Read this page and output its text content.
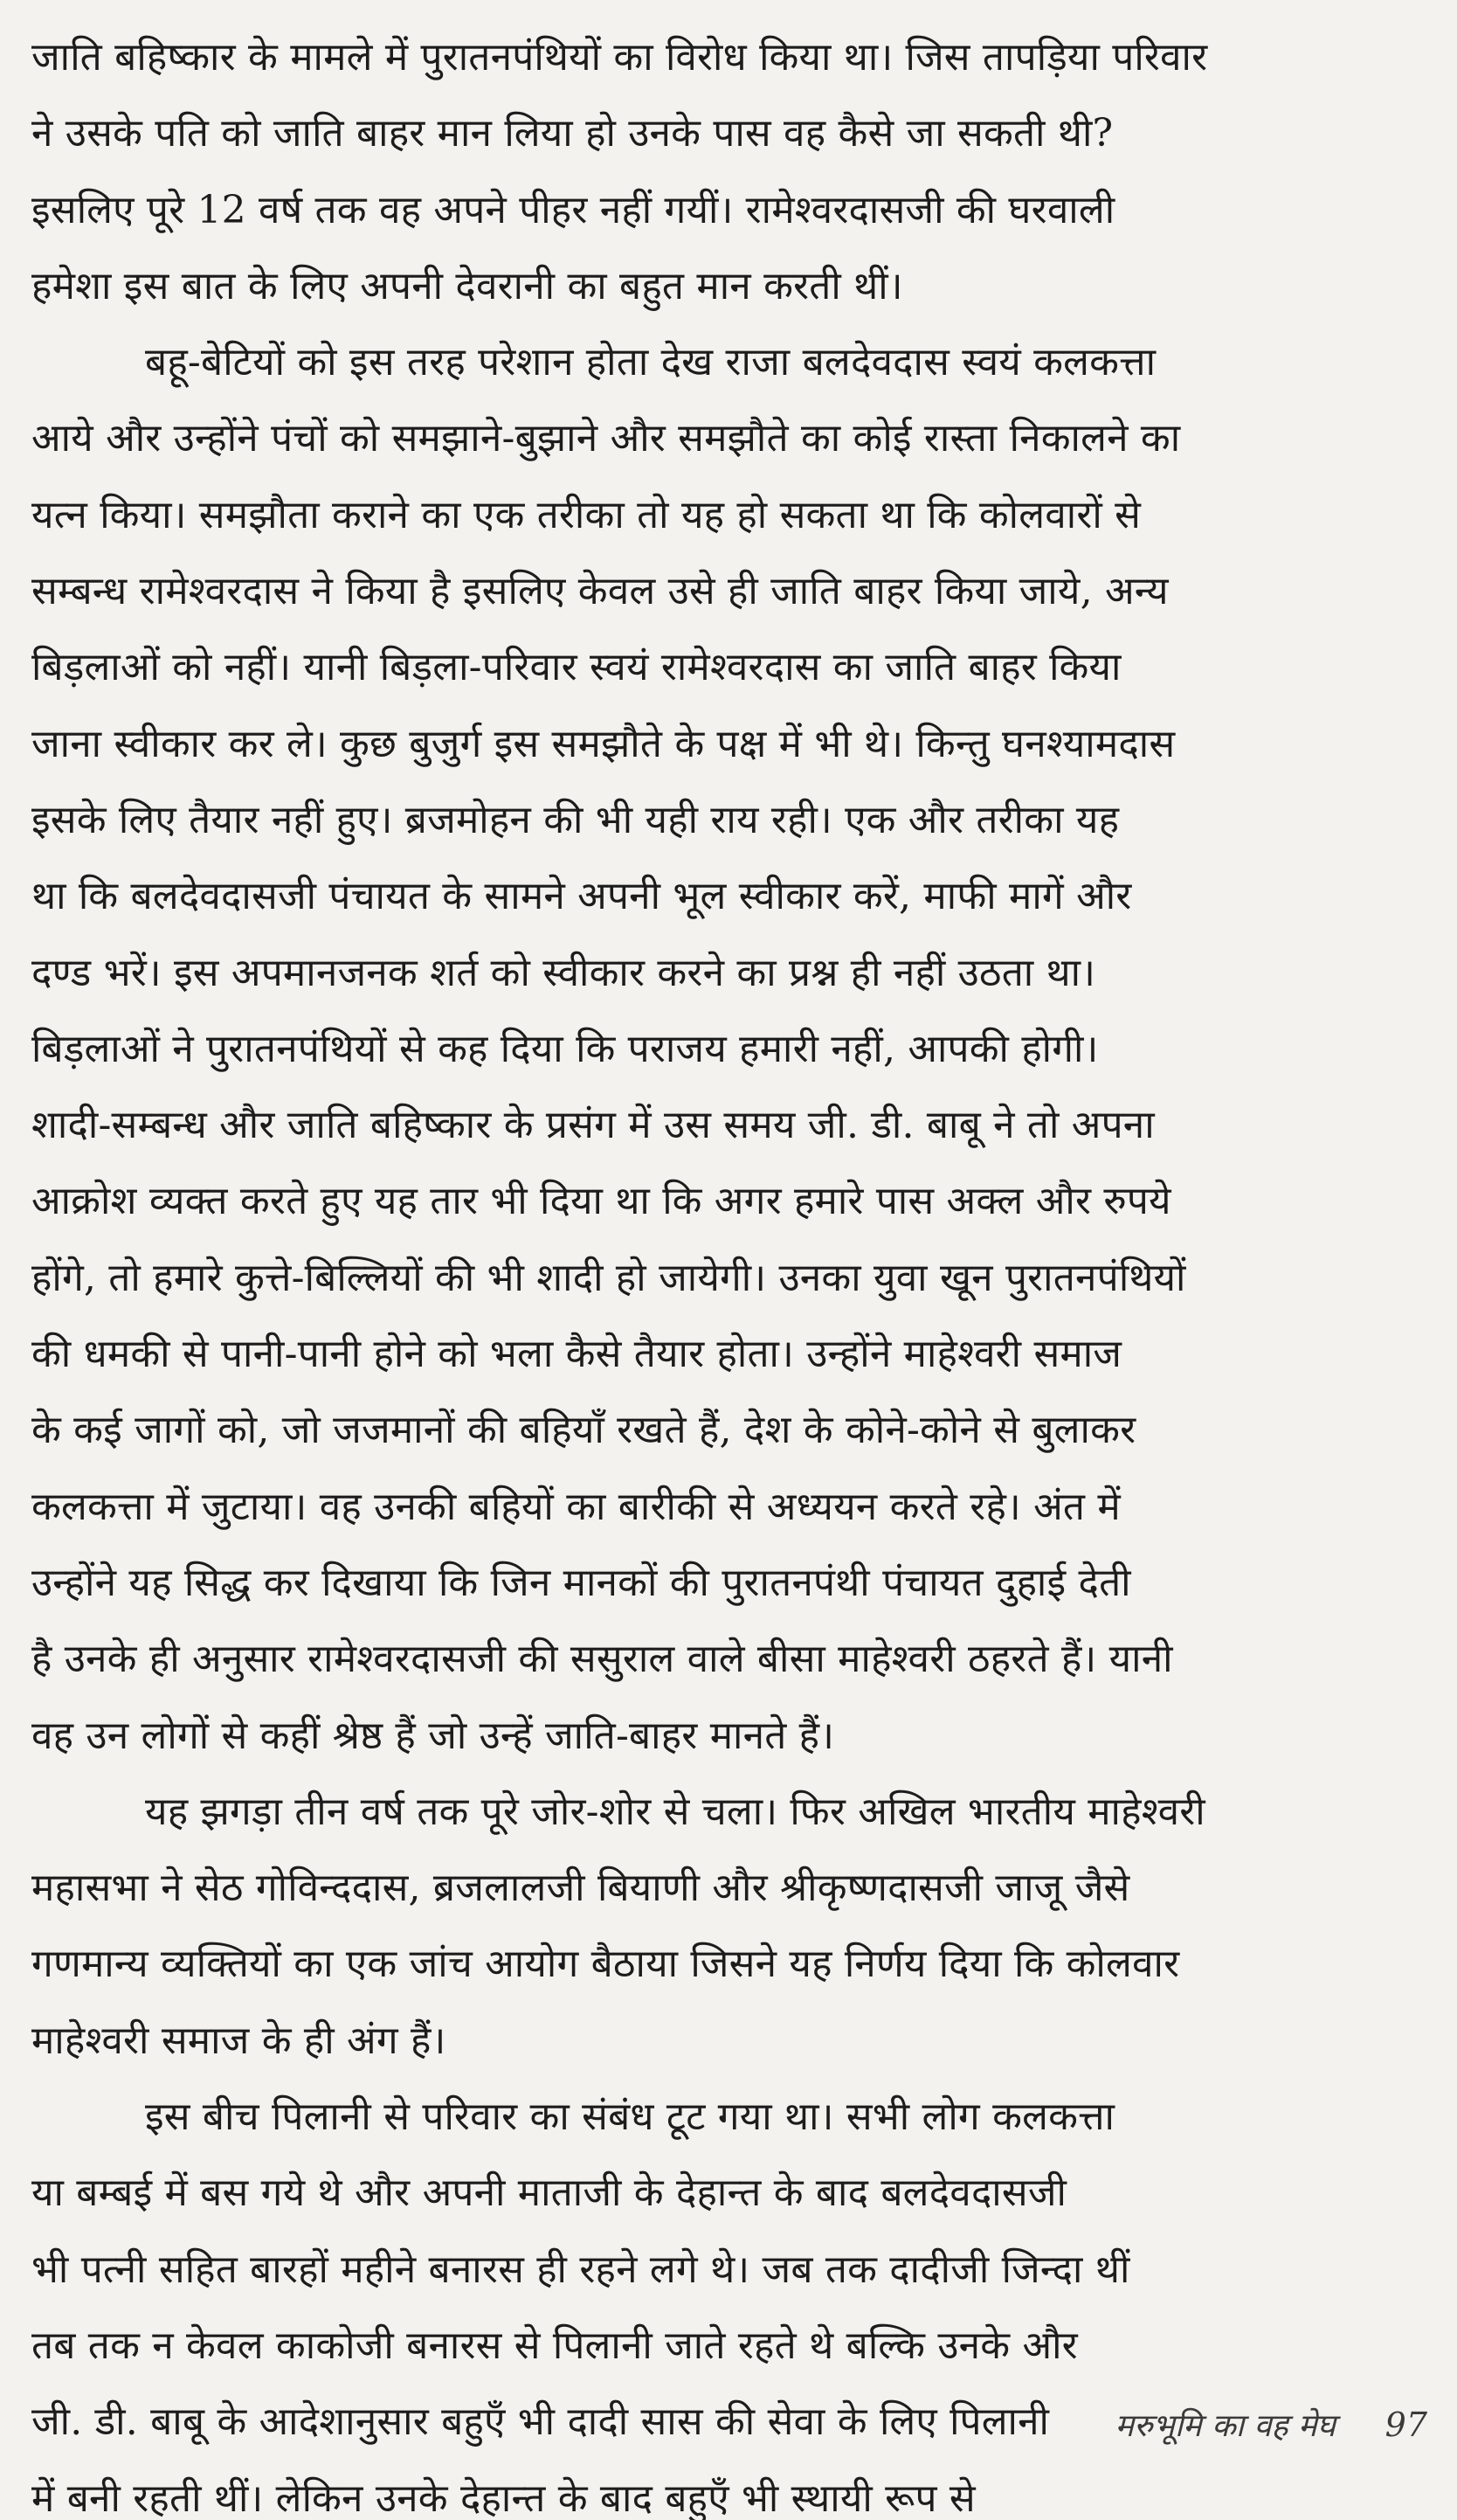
जाति बहिष्कार के मामले में पुरातनपंथियों का विरोध किया था। जिस तापड़िया परिवार
ने उसके पति को जाति बाहर मान लिया हो उनके पास वह कैसे जा सकती थी?
इसलिए पूरे 12 वर्ष तक वह अपने पीहर नहीं गयीं। रामेश्वरदासजी की घरवाली
हमेशा इस बात के लिए अपनी देवरानी का बहुत मान करती थीं।
बहू-बेटियों को इस तरह परेशान होता देख राजा बलदेवदास स्वयं कलकत्ता
आये और उन्होंने पंचों को समझाने-बुझाने और समझौते का कोई रास्ता निकालने का
यत्न किया। समझौता कराने का एक तरीका तो यह हो सकता था कि कोलवारों से
सम्बन्ध रामेश्वरदास ने किया है इसलिए केवल उसे ही जाति बाहर किया जाये, अन्य
बिड़लाओं को नहीं। यानी बिड़ला-परिवार स्वयं रामेश्वरदास का जाति बाहर किया
जाना स्वीकार कर ले। कुछ बुजुर्ग इस समझौते के पक्ष में भी थे। किन्तु घनश्यामदास
इसके लिए तैयार नहीं हुए। ब्रजमोहन की भी यही राय रही। एक और तरीका यह
था कि बलदेवदासजी पंचायत के सामने अपनी भूल स्वीकार करें, माफी मागें और
दण्ड भरें। इस अपमानजनक शर्त को स्वीकार करने का प्रश्न ही नहीं उठता था।
बिड़लाओं ने पुरातनपंथियों से कह दिया कि पराजय हमारी नहीं, आपकी होगी।
शादी-सम्बन्ध और जाति बहिष्कार के प्रसंग में उस समय जी. डी. बाबू ने तो अपना
आक्रोश व्यक्त करते हुए यह तार भी दिया था कि अगर हमारे पास अक्ल और रुपये
होंगे, तो हमारे कुत्ते-बिल्लियों की भी शादी हो जायेगी। उनका युवा खून पुरातनपंथियों
की धमकी से पानी-पानी होने को भला कैसे तैयार होता। उन्होंने माहेश्वरी समाज
के कई जागों को, जो जजमानों की बहियाँ रखते हैं, देश के कोने-कोने से बुलाकर
कलकत्ता में जुटाया। वह उनकी बहियों का बारीकी से अध्ययन करते रहे। अंत में
उन्होंने यह सिद्ध कर दिखाया कि जिन मानकों की पुरातनपंथी पंचायत दुहाई देती
है उनके ही अनुसार रामेश्वरदासजी की ससुराल वाले बीसा माहेश्वरी ठहरते हैं। यानी
वह उन लोगों से कहीं श्रेष्ठ हैं जो उन्हें जाति-बाहर मानते हैं।
यह झगड़ा तीन वर्ष तक पूरे जोर-शोर से चला। फिर अखिल भारतीय माहेश्वरी
महासभा ने सेठ गोविन्ददास, ब्रजलालजी बियाणी और श्रीकृष्णदासजी जाजू जैसे
गणमान्य व्यक्तियों का एक जांच आयोग बैठाया जिसने यह निर्णय दिया कि कोलवार
माहेश्वरी समाज के ही अंग हैं।
इस बीच पिलानी से परिवार का संबंध टूट गया था। सभी लोग कलकत्ता
या बम्बई में बस गये थे और अपनी माताजी के देहान्त के बाद बलदेवदासजी
भी पत्नी सहित बारहों महीने बनारस ही रहने लगे थे। जब तक दादीजी जिन्दा थीं
तब तक न केवल काकोजी बनारस से पिलानी जाते रहते थे बल्कि उनके और
जी. डी. बाबू के आदेशानुसार बहुएँ भी दादी सास की सेवा के लिए पिलानी
में बनी रहती थीं। लेकिन उनके देहान्त के बाद बहुएँ भी स्थायी रूप से
मरुभूमि का वह मेघ 97
